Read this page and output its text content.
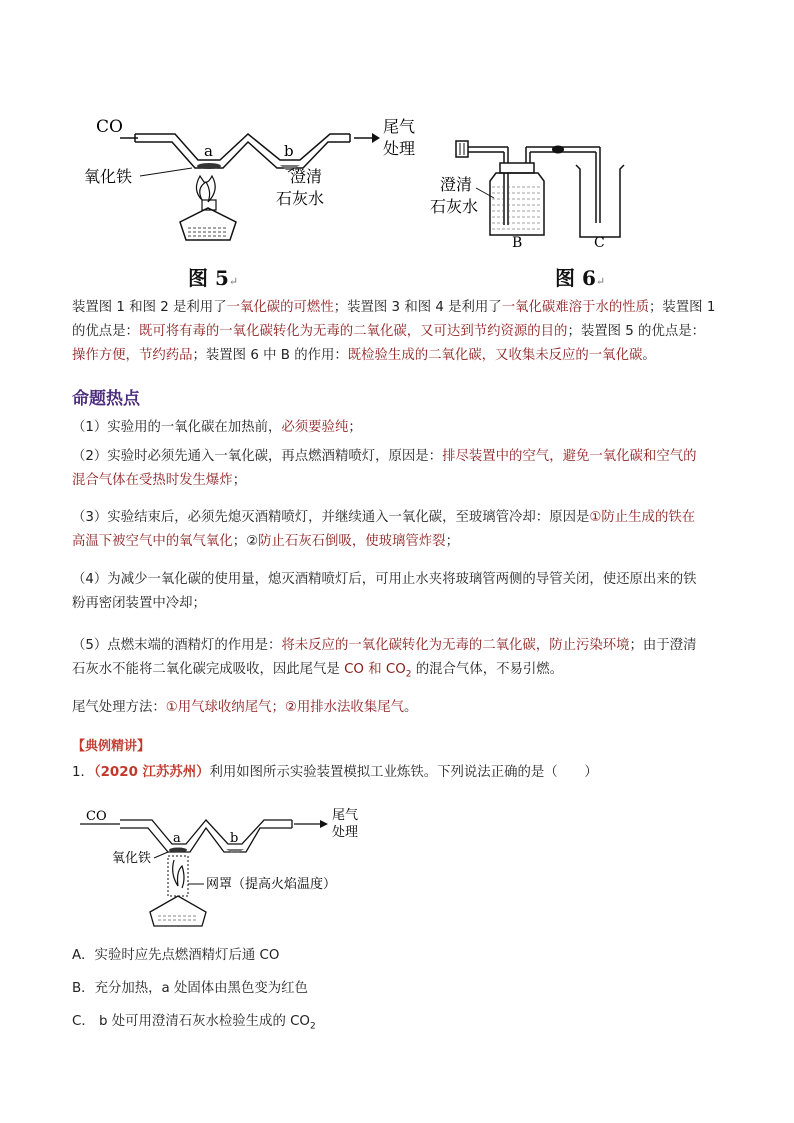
CO	尾气
处理
a	b
氧化铁	澄清
石灰水
图 5↵
B	C
澄清
石灰水
图 6↵
装置图 1 和图 2 是利用了一氧化碳的可燃性；装置图 3 和图 4 是利用了一氧化碳难溶于水的性质；装置图 1
的优点是：既可将有毒的一氧化碳转化为无毒的二氧化碳，又可达到节约资源的目的；装置图 5 的优点是：
操作方便，节约药品；装置图 6 中 B 的作用：既检验生成的二氧化碳，又收集未反应的一氧化碳。
命题热点
（1）实验用的一氧化碳在加热前，必须要验纯；
（2）实验时必须先通入一氧化碳，再点燃酒精喷灯，原因是：排尽装置中的空气，避免一氧化碳和空气的
混合气体在受热时发生爆炸；
（3）实验结束后，必须先熄灭酒精喷灯，并继续通入一氧化碳，至玻璃管冷却：原因是①防止生成的铁在
高温下被空气中的氧气氧化；②防止石灰石倒吸，使玻璃管炸裂；
（4）为减少一氧化碳的使用量，熄灭酒精喷灯后，可用止水夹将玻璃管两侧的导管关闭，使还原出来的铁
粉再密闭装置中冷却；
（5）点燃末端的酒精灯的作用是：将未反应的一氧化碳转化为无毒的二氧化碳，防止污染环境；由于澄清
石灰水不能将二氧化碳完成吸收，因此尾气是 CO 和 $CO_2$ 的混合气体，不易引燃。
尾气处理方法：①用气球收纳尾气；②用排水法收集尾气。
【典例精讲】
1．（2020 江苏苏州）利用如图所示实验装置模拟工业炼铁。下列说法正确的是（　　）
CO	尾气
处理
a	b
氧化铁
网罩（提高火焰温度）
A．实验时应先点燃酒精灯后通 CO
B．充分加热，a 处固体由黑色变为红色
C． b 处可用澄清石灰水检验生成的 $CO_2$
